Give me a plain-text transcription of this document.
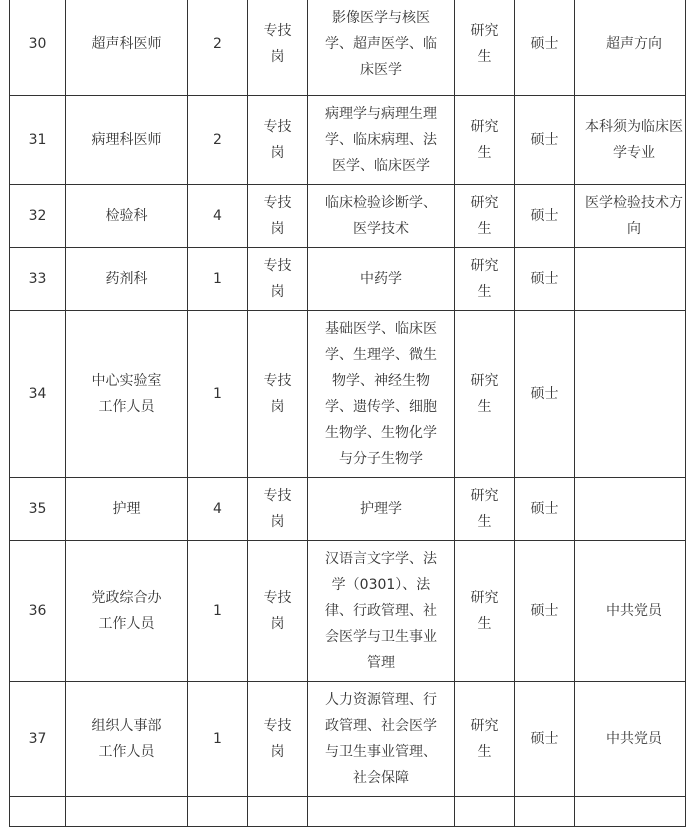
30	超声科医师	2	专技岗	影像医学与核医学、超声医学、临床医学	研究生	硕士	超声方向

31	病理科医师	2	专技岗	病理学与病理生理学、临床病理、法医学、临床医学	研究生	硕士	本科须为临床医学专业

32	检验科	4	专技岗	临床检验诊断学、医学技术	研究生	硕士	医学检验技术方向

33	药剂科	1	专技岗	中药学	研究生	硕士	

34	中心实验室工作人员	1	专技岗	基础医学、临床医学、生理学、微生物学、神经生物学、遗传学、细胞生物学、生物化学与分子生物学	研究生	硕士	

35	护理	4	专技岗	护理学	研究生	硕士	

36	党政综合办工作人员	1	专技岗	汉语言文字学、法学（0301）、法律、行政管理、社会医学与卫生事业管理	研究生	硕士	中共党员

37	组织人事部工作人员	1	专技岗	人力资源管理、行政管理、社会医学与卫生事业管理、社会保障	研究生	硕士	中共党员
